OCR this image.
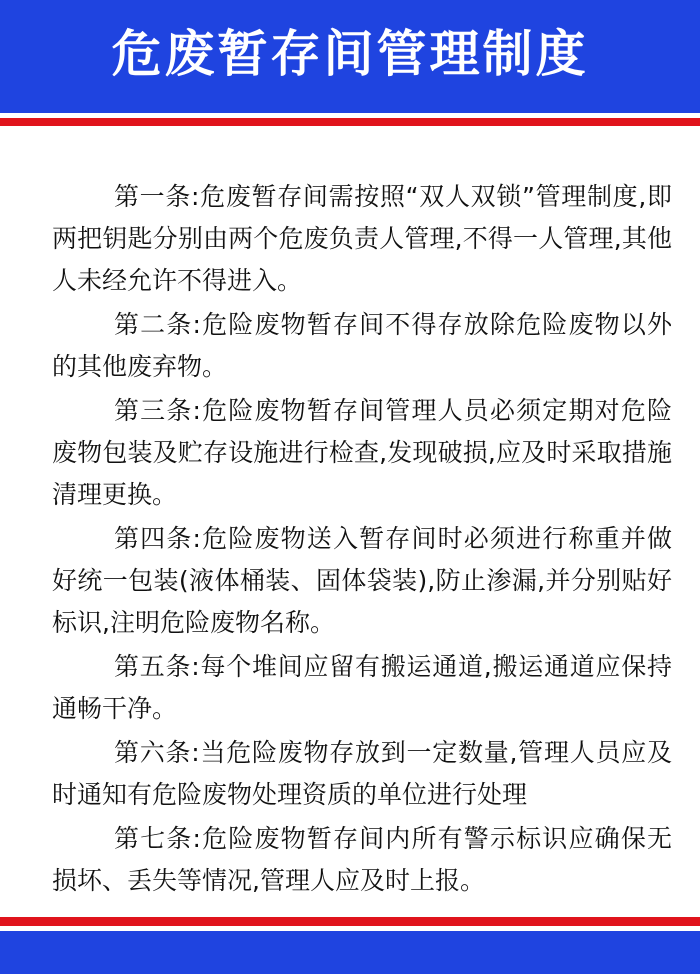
危废暂存间管理制度

第一条:危废暂存间需按照“双人双锁”管理制度,即两把钥匙分别由两个危废负责人管理,不得一人管理,其他人未经允许不得进入。

第二条:危险废物暂存间不得存放除危险废物以外的其他废弃物。

第三条:危险废物暂存间管理人员必须定期对危险废物包装及贮存设施进行检查,发现破损,应及时采取措施清理更换。

第四条:危险废物送入暂存间时必须进行称重并做好统一包装(液体桶装、固体袋装),防止渗漏,并分别贴好标识,注明危险废物名称。

第五条:每个堆间应留有搬运通道,搬运通道应保持通畅干净。

第六条:当危险废物存放到一定数量,管理人员应及时通知有危险废物处理资质的单位进行处理

第七条:危险废物暂存间内所有警示标识应确保无损坏、丢失等情况,管理人应及时上报。
